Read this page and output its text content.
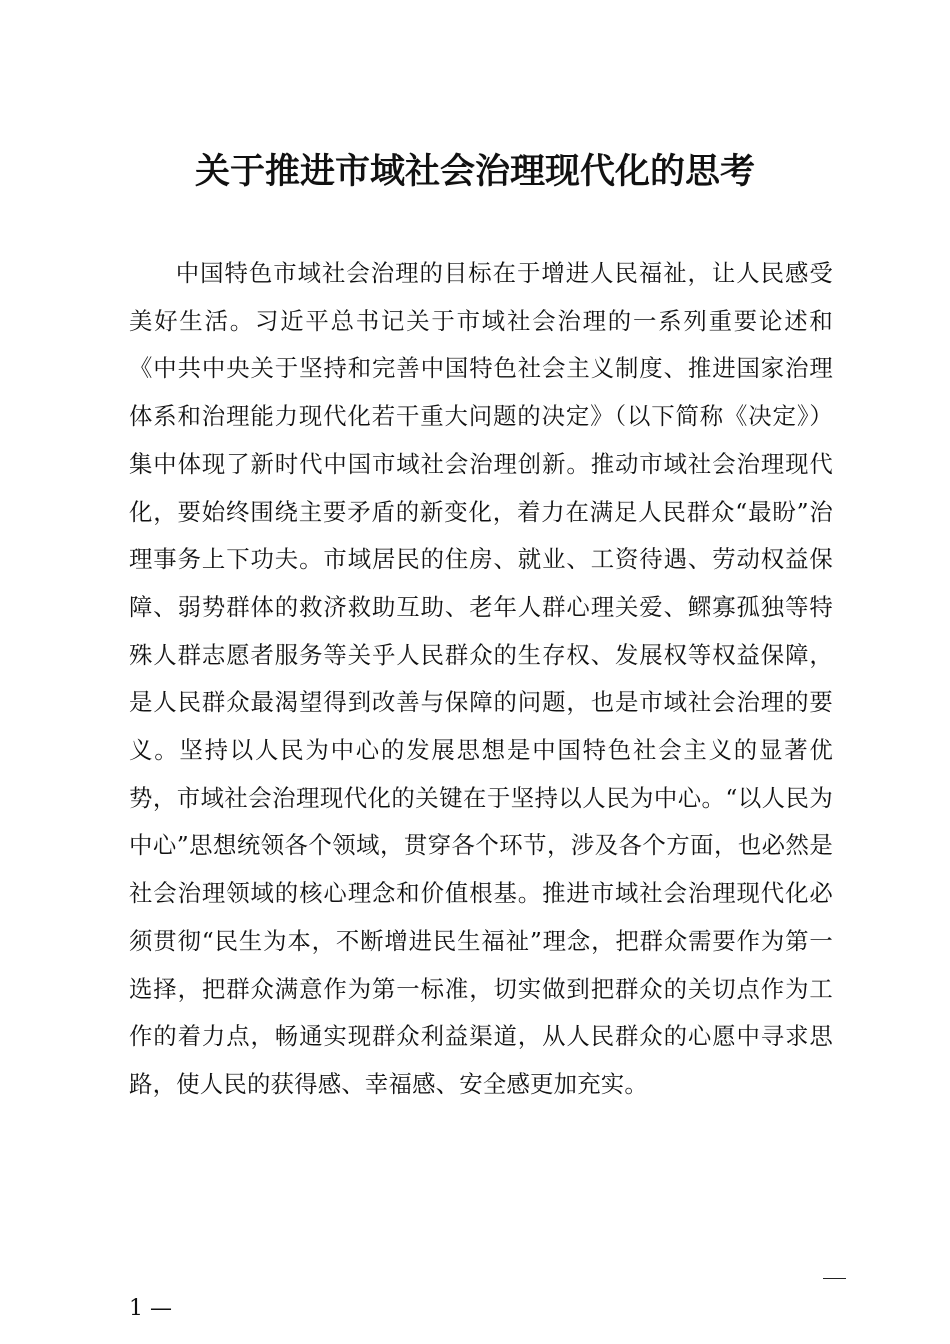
关于推进市域社会治理现代化的思考

中国特色市域社会治理的目标在于增进人民福祉，让人民感受美好生活。习近平总书记关于市域社会治理的一系列重要论述和《中共中央关于坚持和完善中国特色社会主义制度、推进国家治理体系和治理能力现代化若干重大问题的决定》（以下简称《决定》）集中体现了新时代中国市域社会治理创新。推动市域社会治理现代化，要始终围绕主要矛盾的新变化，着力在满足人民群众“最盼”治理事务上下功夫。市域居民的住房、就业、工资待遇、劳动权益保障、弱势群体的救济救助互助、老年人群心理关爱、鳏寡孤独等特殊人群志愿者服务等关乎人民群众的生存权、发展权等权益保障，是人民群众最渴望得到改善与保障的问题，也是市域社会治理的要义。坚持以人民为中心的发展思想是中国特色社会主义的显著优势，市域社会治理现代化的关键在于坚持以人民为中心。“以人民为中心”思想统领各个领域，贯穿各个环节，涉及各个方面，也必然是社会治理领域的核心理念和价值根基。推进市域社会治理现代化必须贯彻“民生为本，不断增进民生福祉”理念，把群众需要作为第一选择，把群众满意作为第一标准，切实做到把群众的关切点作为工作的着力点，畅通实现群众利益渠道，从人民群众的心愿中寻求思路，使人民的获得感、幸福感、安全感更加充实。

1 —
